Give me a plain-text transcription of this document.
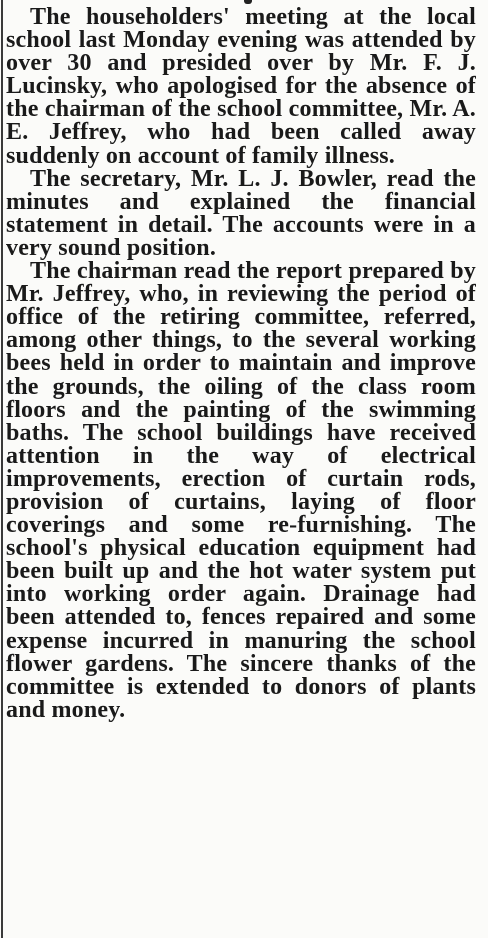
The householders' meeting at the local school last Monday evening was attended by over 30 and presided over by Mr. F. J. Lucinsky, who apologised for the absence of the chairman of the school committee, Mr. A. E. Jeffrey, who had been called away suddenly on account of family illness.

The secretary, Mr. L. J. Bowler, read the minutes and explained the financial statement in detail. The accounts were in a very sound position.

The chairman read the report prepared by Mr. Jeffrey, who, in reviewing the period of office of the retiring committee, referred, among other things, to the several working bees held in order to maintain and improve the grounds, the oiling of the class room floors and the painting of the swimming baths. The school buildings have received attention in the way of electrical improvements, erection of curtain rods, provision of curtains, laying of floor coverings and some re-furnishing. The school's physical education equipment had been built up and the hot water system put into working order again. Drainage had been attended to, fences repaired and some expense incurred in manuring the school flower gardens. The sincere thanks of the committee is extended to donors of plants and money.
